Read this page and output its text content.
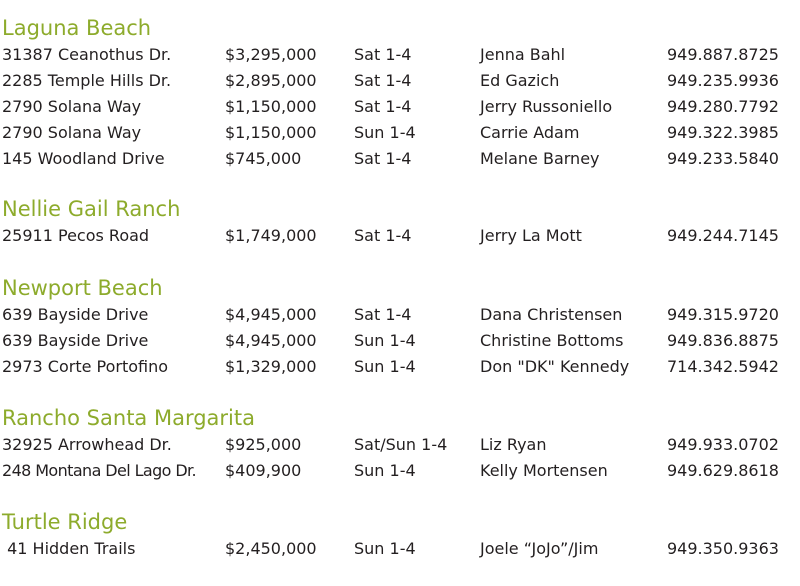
Laguna Beach
31387 Ceanothus Dr.	$3,295,000 Sat 1-4	Jenna Bahl	949.887.8725
2285 Temple Hills Dr.	$2,895,000 Sat 1-4	Ed Gazich	949.235.9936
2790 Solana Way	$1,150,000 Sat 1-4	Jerry Russoniello	949.280.7792
2790 Solana Way	$1,150,000 Sun 1-4	Carrie Adam	949.322.3985
145 Woodland Drive	$745,000	Sat 1-4	Melane Barney	949.233.5840
Nellie Gail Ranch
25911 Pecos Road	$1,749,000 Sat 1-4	Jerry La Mott	949.244.7145
Newport Beach
639 Bayside Drive	$4,945,000 Sat 1-4	Dana Christensen	949.315.9720
639 Bayside Drive	$4,945,000 Sun 1-4	Christine Bottoms	949.836.8875
2973 Corte Portofino	$1,329,000 Sun 1-4	Don "DK" Kennedy 714.342.5942
Rancho Santa Margarita
32925 Arrowhead Dr.	$925,000	Sat/Sun 1-4 Liz Ryan	949.933.0702
248 Montana Del Lago Dr. $409,900	Sun 1-4	Kelly Mortensen	949.629.8618
Turtle Ridge
41 Hidden Trails	$2,450,000 Sun 1-4	Joele “JoJo”/Jim	949.350.9363
